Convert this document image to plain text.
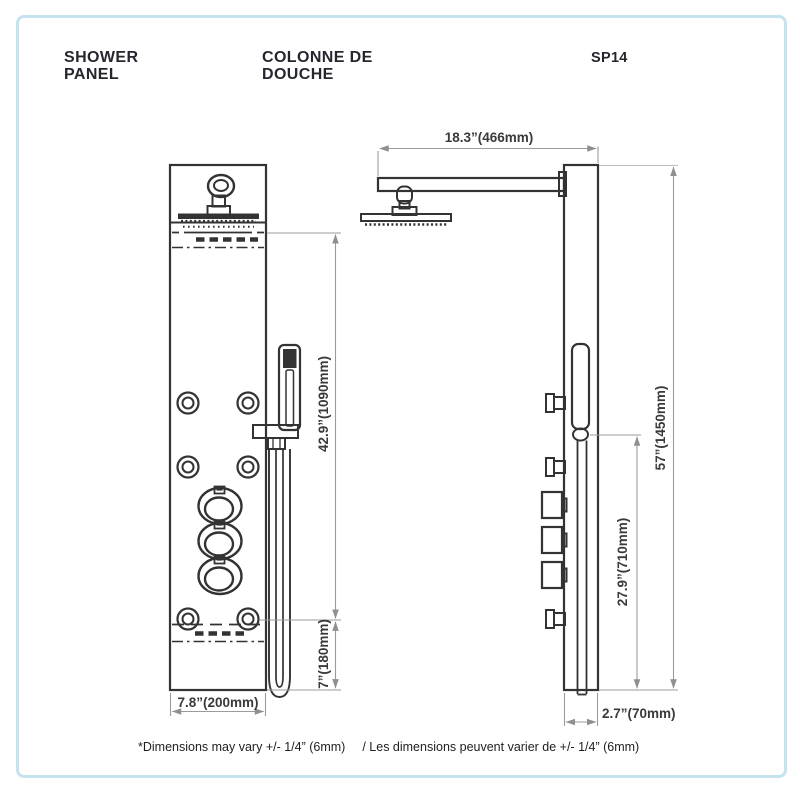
SHOWER
PANEL
COLONNE DE
DOUCHE
SP14
42.9”(1090mm)
7”(180mm)
7.8”(200mm)
18.3”(466mm)
57”(1450mm)
27.9”(710mm)
2.7”(70mm)
*Dimensions may vary +/- 1/4” (6mm) / Les dimensions peuvent varier de +/- 1/4” (6mm)
